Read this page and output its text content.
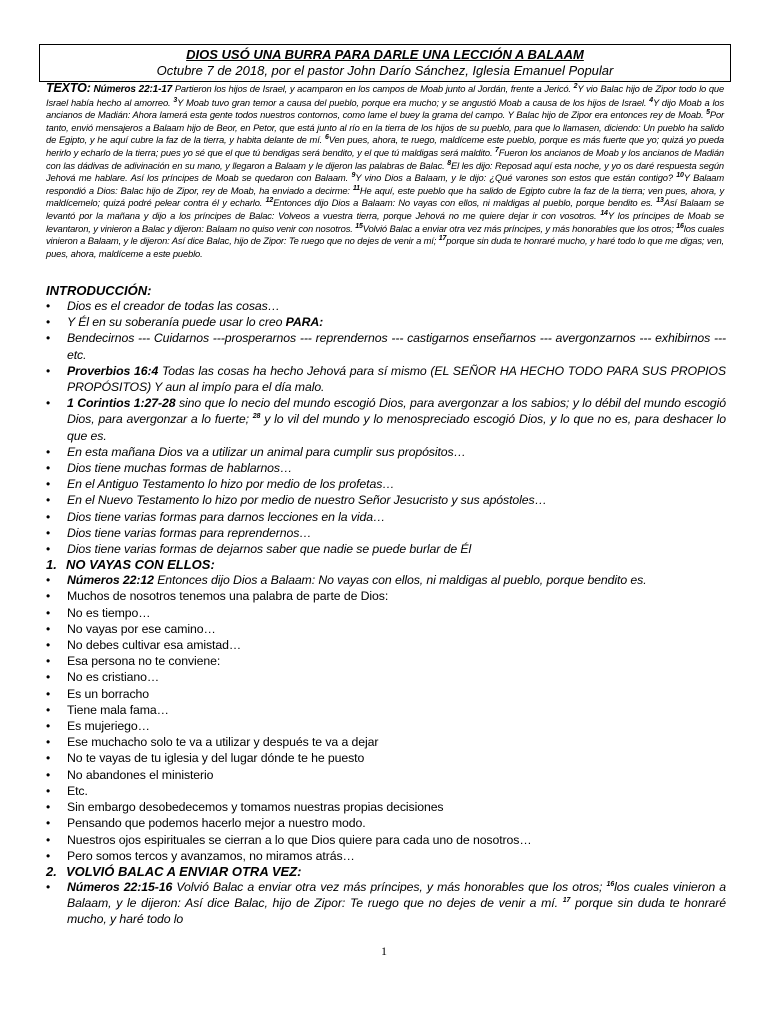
DIOS USÓ UNA BURRA PARA DARLE UNA LECCIÓN A BALAAM
Octubre 7 de 2018, por el pastor John Darío Sánchez, Iglesia Emanuel Popular
TEXTO: Números 22:1-17 Partieron los hijos de Israel, y acamparon en los campos de Moab junto al Jordán, frente a Jericó. $^2$Y vio Balac hijo de Zipor todo lo que Israel había hecho al amorreo. $^3$Y Moab tuvo gran temor a causa del pueblo, porque era mucho; y se angustió Moab a causa de los hijos de Israel. $^4$Y dijo Moab a los ancianos de Madián: Ahora lamerá esta gente todos nuestros contornos, como lame el buey la grama del campo. Y Balac hijo de Zipor era entonces rey de Moab. $^5$Por tanto, envió mensajeros a Balaam hijo de Beor, en Petor, que está junto al río en la tierra de los hijos de su pueblo, para que lo llamasen, diciendo: Un pueblo ha salido de Egipto, y he aquí cubre la faz de la tierra, y habita delante de mí. $^6$Ven pues, ahora, te ruego, maldíceme este pueblo, porque es más fuerte que yo; quizá yo pueda herirlo y echarlo de la tierra; pues yo sé que el que tú bendigas será bendito, y el que tú maldigas será maldito. $^7$Fueron los ancianos de Moab y los ancianos de Madián con las dádivas de adivinación en su mano, y llegaron a Balaam y le dijeron las palabras de Balac. $^8$El les dijo: Reposad aquí esta noche, y yo os daré respuesta según Jehová me hablare. Así los príncipes de Moab se quedaron con Balaam. $^9$Y vino Dios a Balaam, y le dijo: ¿Qué varones son estos que están contigo? $^{10}$Y Balaam respondió a Dios: Balac hijo de Zipor, rey de Moab, ha enviado a decirme: $^{11}$He aquí, este pueblo que ha salido de Egipto cubre la faz de la tierra; ven pues, ahora, y maldícemelo; quizá podré pelear contra él y echarlo. $^{12}$Entonces dijo Dios a Balaam: No vayas con ellos, ni maldigas al pueblo, porque bendito es. $^{13}$Así Balaam se levantó por la mañana y dijo a los príncipes de Balac: Volveos a vuestra tierra, porque Jehová no me quiere dejar ir con vosotros. $^{14}$Y los príncipes de Moab se levantaron, y vinieron a Balac y dijeron: Balaam no quiso venir con nosotros. $^{15}$Volvió Balac a enviar otra vez más príncipes, y más honorables que los otros; $^{16}$los cuales vinieron a Balaam, y le dijeron: Así dice Balac, hijo de Zipor: Te ruego que no dejes de venir a mí; $^{17}$porque sin duda te honraré mucho, y haré todo lo que me digas; ven, pues, ahora, maldíceme a este pueblo.
INTRODUCCIÓN:
• Dios es el creador de todas las cosas…
• Y Él en su soberanía puede usar lo creo PARA:
• Bendecirnos --- Cuidarnos ---prosperarnos --- reprendernos --- castigarnos enseñarnos --- avergonzarnos --- exhibirnos --- etc.
• Proverbios 16:4 Todas las cosas ha hecho Jehová para sí mismo (EL SEÑOR HA HECHO TODO PARA SUS PROPIOS PROPÓSITOS) Y aun al impío para el día malo.
• 1 Corintios 1:27-28 sino que lo necio del mundo escogió Dios, para avergonzar a los sabios; y lo débil del mundo escogió Dios, para avergonzar a lo fuerte; $^{28}$ y lo vil del mundo y lo menospreciado escogió Dios, y lo que no es, para deshacer lo que es.
• En esta mañana Dios va a utilizar un animal para cumplir sus propósitos…
• Dios tiene muchas formas de hablarnos…
• En el Antiguo Testamento lo hizo por medio de los profetas…
• En el Nuevo Testamento lo hizo por medio de nuestro Señor Jesucristo y sus apóstoles…
• Dios tiene varias formas para darnos lecciones en la vida…
• Dios tiene varias formas para reprendernos…
• Dios tiene varias formas de dejarnos saber que nadie se puede burlar de Él
1. NO VAYAS CON ELLOS:
• Números 22:12 Entonces dijo Dios a Balaam: No vayas con ellos, ni maldigas al pueblo, porque bendito es.
• Muchos de nosotros tenemos una palabra de parte de Dios:
• No es tiempo…
• No vayas por ese camino…
• No debes cultivar esa amistad…
• Esa persona no te conviene:
• No es cristiano…
• Es un borracho
• Tiene mala fama…
• Es mujeriego…
• Ese muchacho solo te va a utilizar y después te va a dejar
• No te vayas de tu iglesia y del lugar dónde te he puesto
• No abandones el ministerio
• Etc.
• Sin embargo desobedecemos y tomamos nuestras propias decisiones
• Pensando que podemos hacerlo mejor a nuestro modo.
• Nuestros ojos espirituales se cierran a lo que Dios quiere para cada uno de nosotros…
• Pero somos tercos y avanzamos, no miramos atrás…
2. VOLVIÓ BALAC A ENVIAR OTRA VEZ:
• Números 22:15-16 Volvió Balac a enviar otra vez más príncipes, y más honorables que los otros; $^{16}$los cuales vinieron a Balaam, y le dijeron: Así dice Balac, hijo de Zipor: Te ruego que no dejes de venir a mí. $^{17}$ porque sin duda te honraré mucho, y haré todo lo
1
